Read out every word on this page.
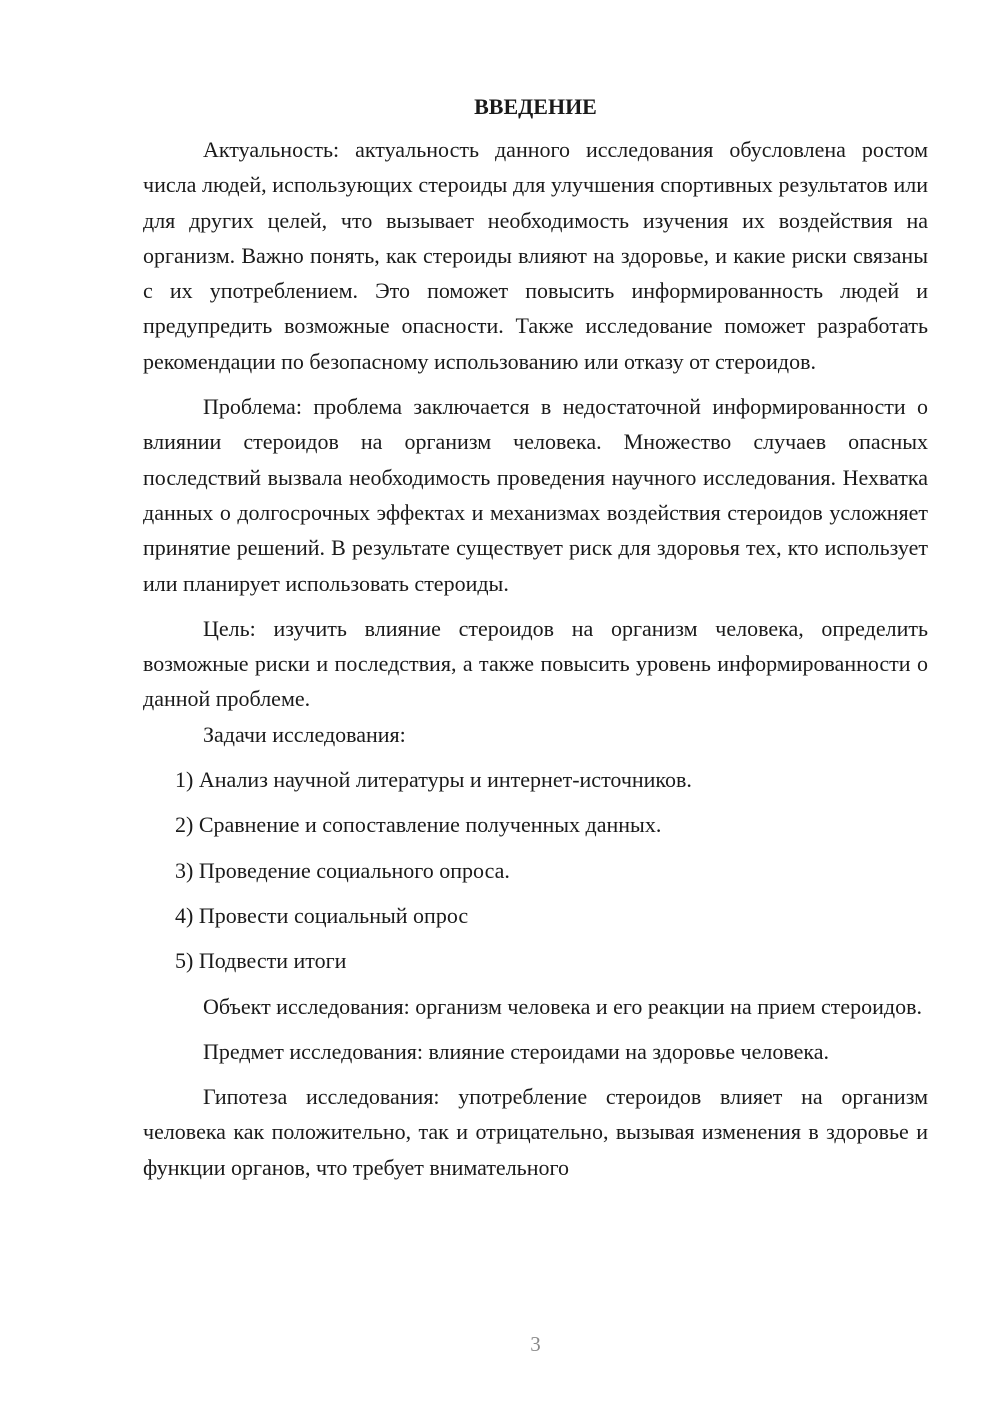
ВВЕДЕНИЕ

Актуальность: актуальность данного исследования обусловлена ростом числа людей, использующих стероиды для улучшения спортивных результатов или для других целей, что вызывает необходимость изучения их воздействия на организм. Важно понять, как стероиды влияют на здоровье, и какие риски связаны с их употреблением. Это поможет повысить информированность людей и предупредить возможные опасности. Также исследование поможет разработать рекомендации по безопасному использованию или отказу от стероидов.

Проблема: проблема заключается в недостаточной информированности о влиянии стероидов на организм человека. Множество случаев опасных последствий вызвала необходимость проведения научного исследования. Нехватка данных о долгосрочных эффектах и механизмах воздействия стероидов усложняет принятие решений. В результате существует риск для здоровья тех, кто использует или планирует использовать стероиды.

Цель: изучить влияние стероидов на организм человека, определить возможные риски и последствия, а также повысить уровень информированности о данной проблеме.

Задачи исследования:

1) Анализ научной литературы и интернет-источников.

2) Сравнение и сопоставление полученных данных.

3) Проведение социального опроса.

4) Провести социальный опрос

5) Подвести итоги

Объект исследования: организм человека и его реакции на прием стероидов.

Предмет исследования: влияние стероидами на здоровье человека.

Гипотеза исследования: употребление стероидов влияет на организм человека как положительно, так и отрицательно, вызывая изменения в здоровье и функции органов, что требует внимательного

3
